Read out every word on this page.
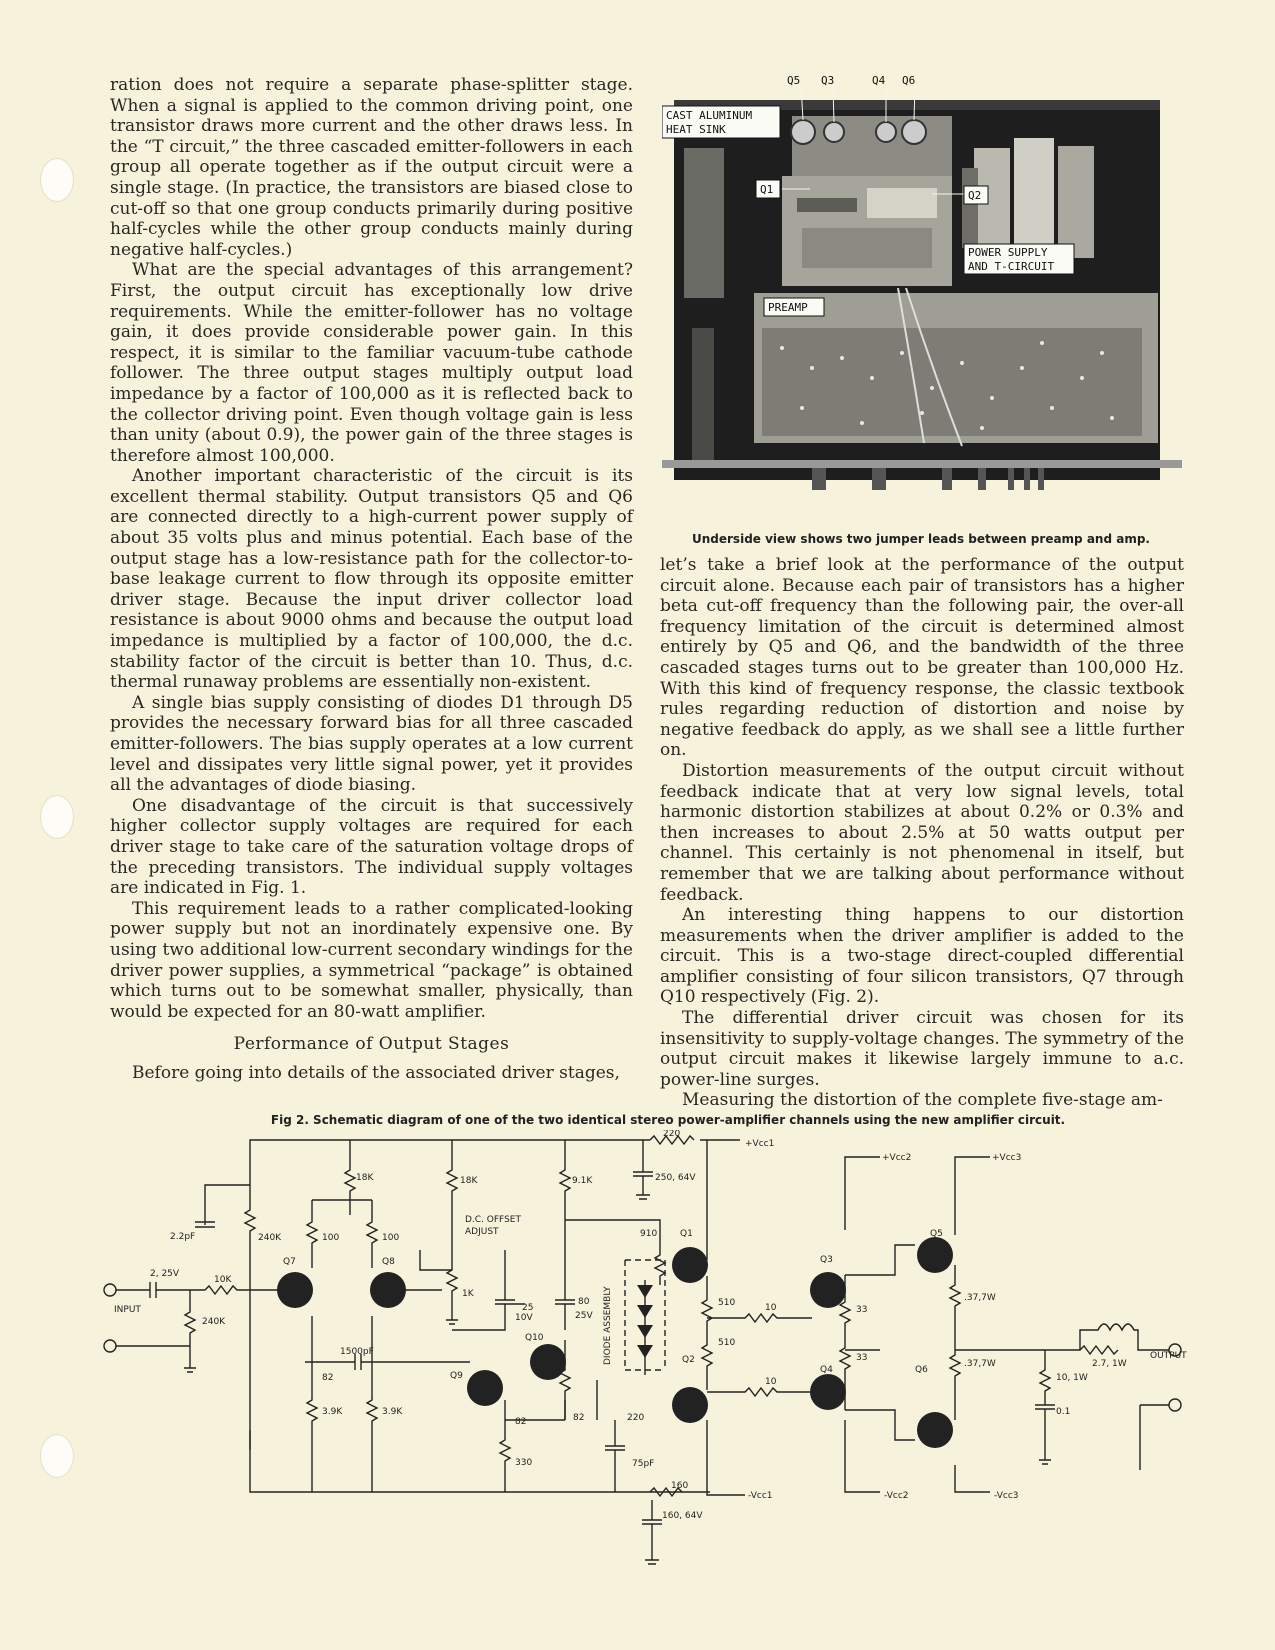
ration does not require a separate phase-splitter stage. When a signal is applied to the common driving point, one transistor draws more current and the other draws less. In the “T circuit,” the three cascaded emitter-followers in each group all operate together as if the output circuit were a single stage. (In practice, the transistors are biased close to cut-off so that one group conducts primarily during positive half-cycles while the other group conducts mainly during negative half-cycles.)

What are the special advantages of this arrangement? First, the output circuit has exceptionally low drive requirements. While the emitter-follower has no voltage gain, it does provide considerable power gain. In this respect, it is similar to the familiar vacuum-tube cathode follower. The three output stages multiply output load impedance by a factor of 100,000 as it is reflected back to the collector driving point. Even though voltage gain is less than unity (about 0.9), the power gain of the three stages is therefore almost 100,000.

Another important characteristic of the circuit is its excellent thermal stability. Output transistors Q5 and Q6 are connected directly to a high-current power supply of about 35 volts plus and minus potential. Each base of the output stage has a low-resistance path for the collector-to-base leakage current to flow through its opposite emitter driver stage. Because the input driver collector load resistance is about 9000 ohms and because the output load impedance is multiplied by a factor of 100,000, the d.c. stability factor of the circuit is better than 10. Thus, d.c. thermal runaway problems are essentially non-existent.

A single bias supply consisting of diodes D1 through D5 provides the necessary forward bias for all three cascaded emitter-followers. The bias supply operates at a low current level and dissipates very little signal power, yet it provides all the advantages of diode biasing.

One disadvantage of the circuit is that successively higher collector supply voltages are required for each driver stage to take care of the saturation voltage drops of the preceding transistors. The individual supply voltages are indicated in Fig. 1.

This requirement leads to a rather complicated-looking power supply but not an inordinately expensive one. By using two additional low-current secondary windings for the driver power supplies, a symmetrical “package” is obtained which turns out to be somewhat smaller, physically, than would be expected for an 80-watt amplifier.

Performance of Output Stages

Before going into details of the associated driver stages,

Q5 Q3	Q4 Q6
CAST ALUMINUM
HEAT SINK
Q1	Q2
POWER SUPPLY
AND T-CIRCUIT
PREAMP
Underside view shows two jumper leads between preamp and amp.

let’s take a brief look at the performance of the output circuit alone. Because each pair of transistors has a higher beta cut-off frequency than the following pair, the over-all frequency limitation of the circuit is determined almost entirely by Q5 and Q6, and the bandwidth of the three cascaded stages turns out to be greater than 100,000 Hz. With this kind of frequency response, the classic textbook rules regarding reduction of distortion and noise by negative feedback do apply, as we shall see a little further on.

Distortion measurements of the output circuit without feedback indicate that at very low signal levels, total harmonic distortion stabilizes at about 0.2% or 0.3% and then increases to about 2.5% at 50 watts output per channel. This certainly is not phenomenal in itself, but remember that we are talking about performance without feedback.

An interesting thing happens to our distortion measurements when the driver amplifier is added to the circuit. This is a two-stage direct-coupled differential amplifier consisting of four silicon transistors, Q7 through Q10 respectively (Fig. 2).

The differential driver circuit was chosen for its insensitivity to supply-voltage changes. The symmetry of the output circuit makes it likewise largely immune to a.c. power-line surges.

Measuring the distortion of the complete five-stage am-

Fig 2. Schematic diagram of one of the two identical stereo power-amplifier channels using the new amplifier circuit.
220
+Vcc1
+Vcc2	+Vcc3
18K	18K	9.1K	250, 64V
D.C. OFFSET
ADJUST	910	Q1
Q3
Q5
2.2pF	240K	100	100
Q7	Q8
2, 25V
10K
INPUT
240K
1K
25
10V
80
25V DIODE ASSEMBLY	510
510
10
10
33
33
.37,7W
.37,7W
Q10
1500pF
82	Q9
Q2
Q4	Q6
2.7, 1W
OUTPUT
10, 1W
0.1
3.9K	3.9K
82	82	220
75pF
330
160
160, 64V
-Vcc1	-Vcc2	-Vcc3
